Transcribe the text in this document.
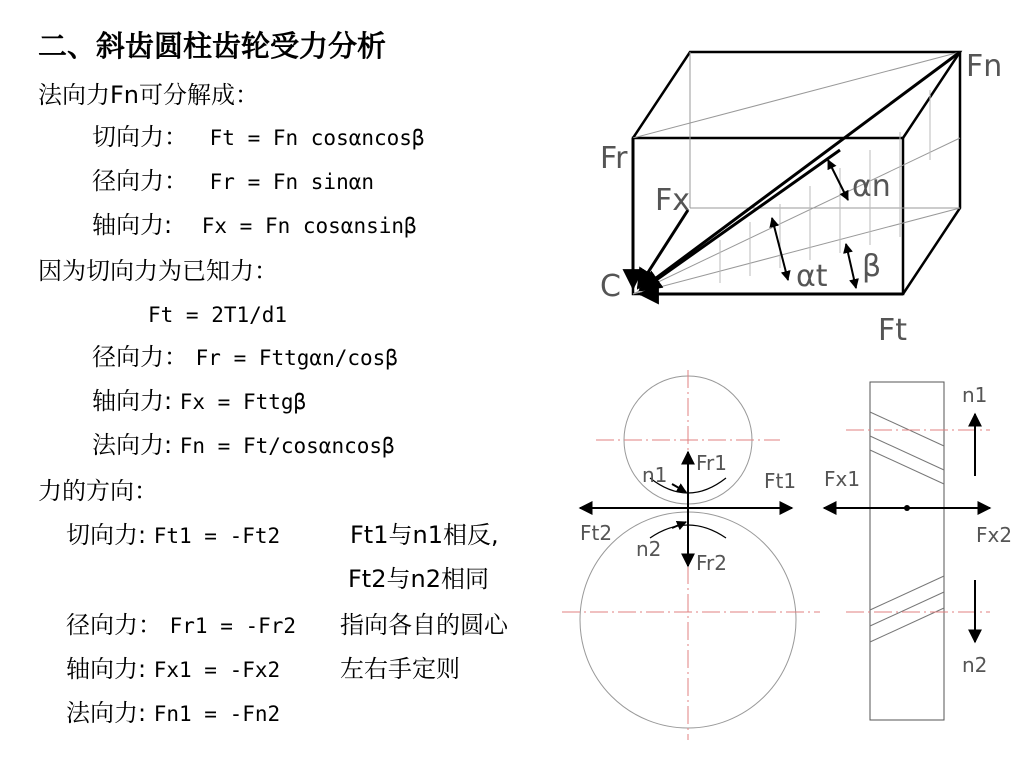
二、斜齿圆柱齿轮受力分析
法向力Fn可分解成：
切向力： Ft = Fn cosαncosβ
径向力： Fr = Fn sinαn
轴向力: Fx = Fn cosαnsinβ
因为切向力为已知力：
Ft = 2T1/d1
径向力： Fr = Fttgαn/cosβ
轴向力: Fx = Fttgβ
法向力: Fn = Ft/cosαncosβ
力的方向：
切向力: Ft1 = -Ft2	Ft1与n1相反,
Ft2与n2相同
径向力： Fr1 = -Fr2 指向各自的圆心
轴向力: Fx1 = -Fx2 左右手定则
法向力: Fn1 = -Fn2
Fn
Fr
Fx
Ft
C
αn
αt β
Fr1
Ft1
Ft2
Fr2
n1
n2
n1
n2
Fx1
Fx2
